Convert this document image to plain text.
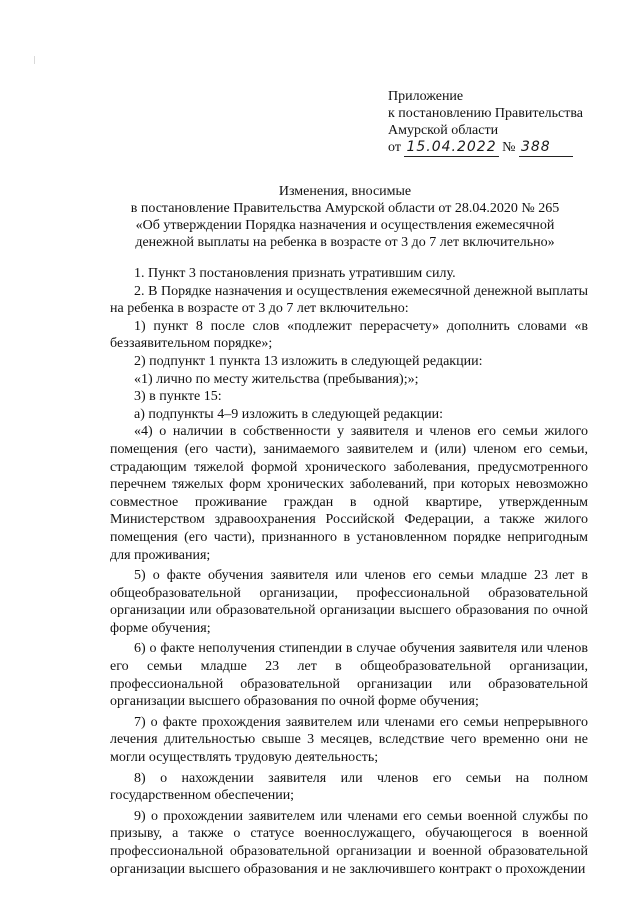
Приложение
к постановлению Правительства
Амурской области
от 15.04.2022 № 388
Изменения, вносимые
в постановление Правительства Амурской области от 28.04.2020 № 265
«Об утверждении Порядка назначения и осуществления ежемесячной
денежной выплаты на ребенка в возрасте от 3 до 7 лет включительно»

1. Пункт 3 постановления признать утратившим силу.

2. В Порядке назначения и осуществления ежемесячной денежной выплаты на ребенка в возрасте от 3 до 7 лет включительно:

1) пункт 8 после слов «подлежит перерасчету» дополнить словами «в беззаявительном порядке»;

2) подпункт 1 пункта 13 изложить в следующей редакции:

«1) лично по месту жительства (пребывания);»;

3) в пункте 15:

а) подпункты 4–9 изложить в следующей редакции:

«4) о наличии в собственности у заявителя и членов его семьи жилого помещения (его части), занимаемого заявителем и (или) членом его семьи, страдающим тяжелой формой хронического заболевания, предусмотренного перечнем тяжелых форм хронических заболеваний, при которых невозможно совместное проживание граждан в одной квартире, утвержденным Министерством здравоохранения Российской Федерации, а также жилого помещения (его части), признанного в установленном порядке непригодным для проживания;

5) о факте обучения заявителя или членов его семьи младше 23 лет в общеобразовательной организации, профессиональной образовательной организации или образовательной организации высшего образования по очной форме обучения;

6) о факте неполучения стипендии в случае обучения заявителя или членов его семьи младше 23 лет в общеобразовательной организации, профессиональной образовательной организации или образовательной организации высшего образования по очной форме обучения;

7) о факте прохождения заявителем или членами его семьи непрерывного лечения длительностью свыше 3 месяцев, вследствие чего временно они не могли осуществлять трудовую деятельность;

8) о нахождении заявителя или членов его семьи на полном государственном обеспечении;

9) о прохождении заявителем или членами его семьи военной службы по призыву, а также о статусе военнослужащего, обучающегося в военной профессиональной образовательной организации и военной образовательной организации высшего образования и не заключившего контракт о прохождении
